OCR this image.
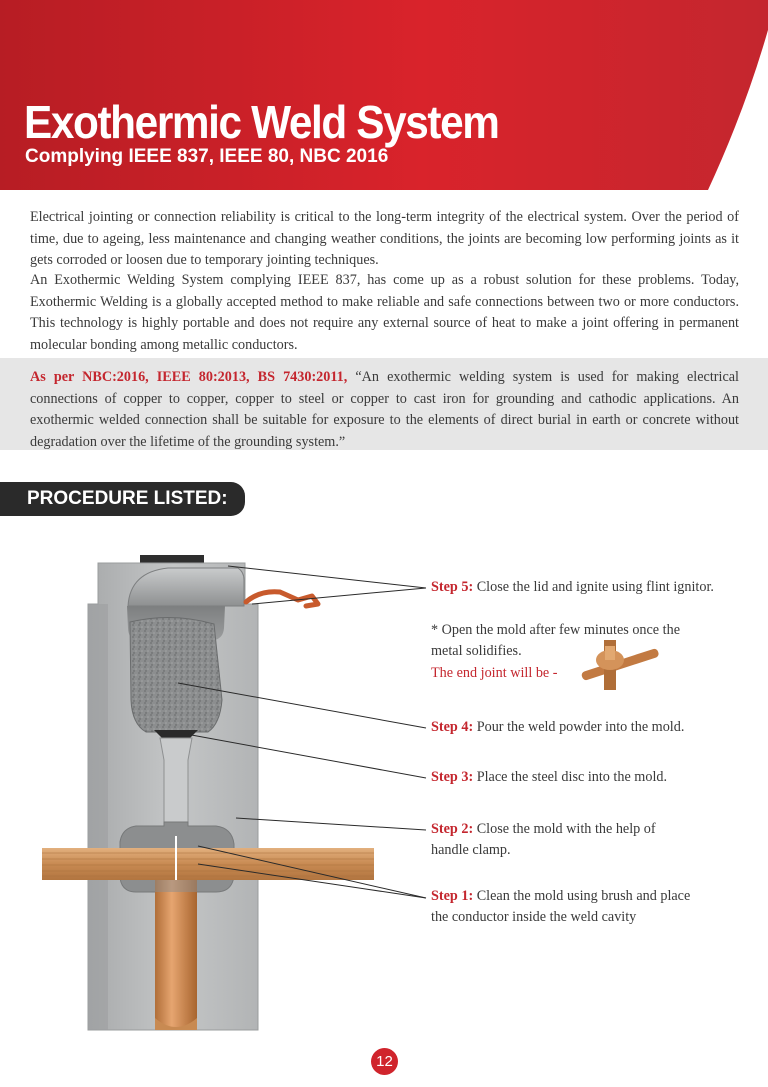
Exothermic Weld System
Complying IEEE 837, IEEE 80, NBC 2016

Electrical jointing or connection reliability is critical to the long-term integrity of the electrical system. Over the period of time, due to ageing, less maintenance and changing weather conditions, the joints are becoming low performing joints as it gets corroded or loosen due to temporary jointing techniques.

An Exothermic Welding System complying IEEE 837, has come up as a robust solution for these problems. Today, Exothermic Welding is a globally accepted method to make reliable and safe connections between two or more conductors. This technology is highly portable and does not require any external source of heat to make a joint offering in permanent molecular bonding among metallic conductors.

As per NBC:2016, IEEE 80:2013, BS 7430:2011, “An exothermic welding system is used for making electrical connections of copper to copper, copper to steel or copper to cast iron for grounding and cathodic applications. An exothermic welded connection shall be suitable for exposure to the elements of direct burial in earth or concrete without degradation over the lifetime of the grounding system.”

PROCEDURE LISTED:
Step 5: Close the lid and ignite using flint ignitor.
* Open the mold after few minutes once the metal solidifies.
The end joint will be -
Step 4: Pour the weld powder into the mold.
Step 3: Place the steel disc into the mold.
Step 2: Close the mold with the help of handle clamp.
Step 1: Clean the mold using brush and place the conductor inside the weld cavity
12
